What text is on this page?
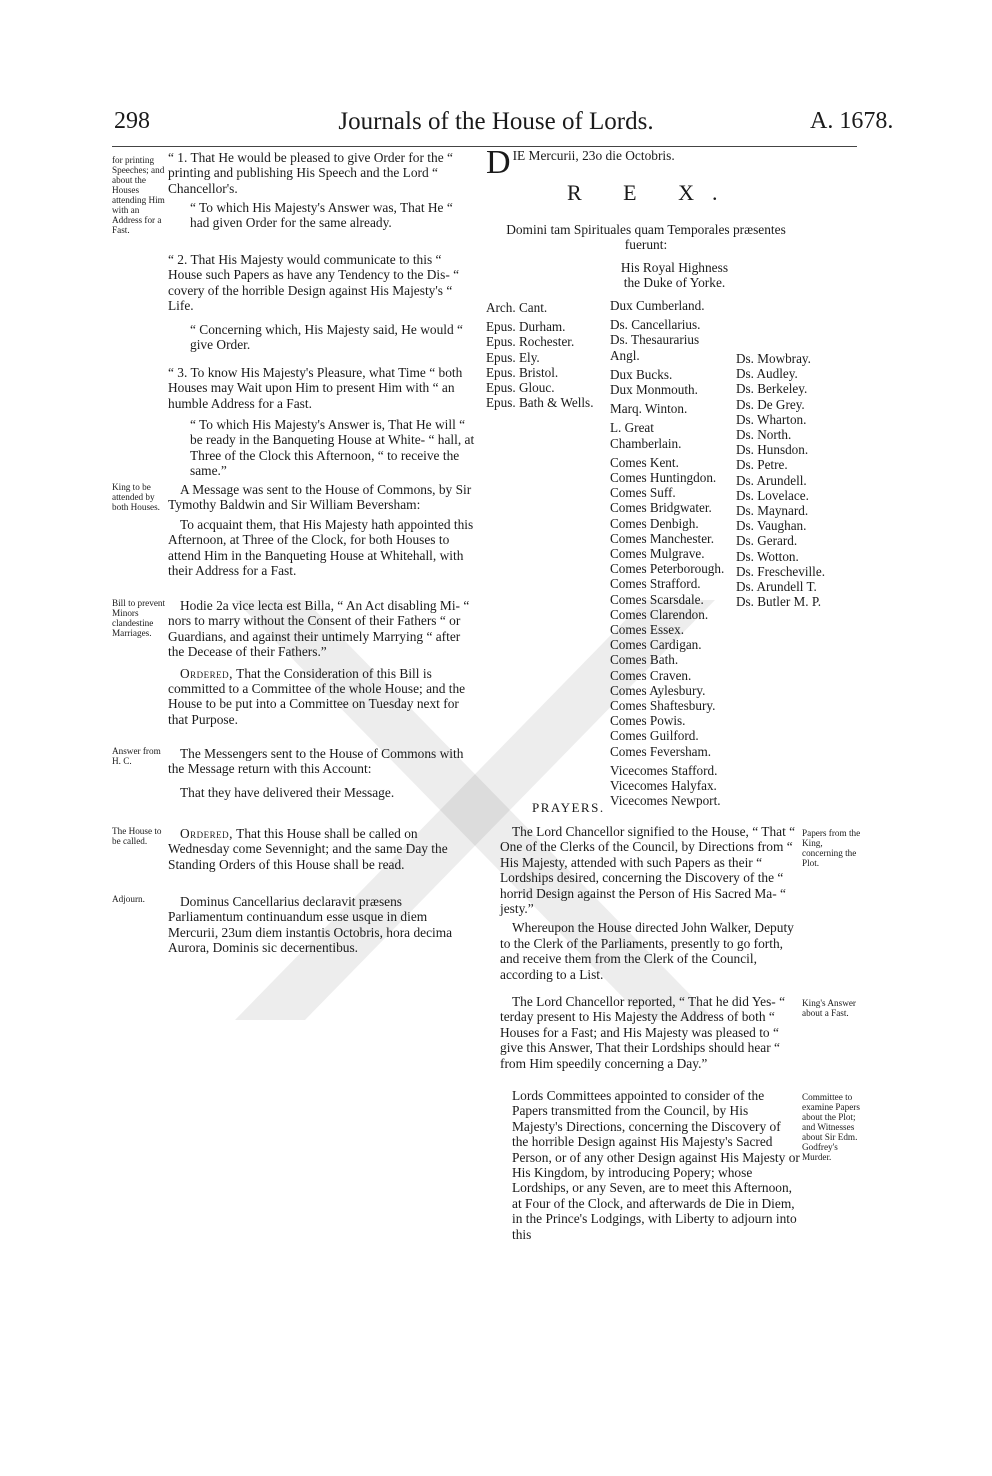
298	Journals of the House of Lords.	A. 1678.
for printing Speeches; and about the Houses attending Him with an Address for a Fast.
King to be attended by both Houses.
Bill to prevent Minors clandestine Marriages.
Answer from H. C.
The House to be called.
Adjourn.

“ 1. That He would be pleased to give Order for the “ printing and publishing His Speech and the Lord “ Chancellor's.

“ To which His Majesty's Answer was, That He “ had given Order for the same already.

“ 2. That His Majesty would communicate to this “ House such Papers as have any Tendency to the Dis- “ covery of the horrible Design against His Majesty's “ Life.

“ Concerning which, His Majesty said, He would “ give Order.

“ 3. To know His Majesty's Pleasure, what Time “ both Houses may Wait upon Him to present Him with “ an humble Address for a Fast.

“ To which His Majesty's Answer is, That He will “ be ready in the Banqueting House at White- “ hall, at Three of the Clock this Afternoon, “ to receive the same.”

A Message was sent to the House of Commons, by Sir Tymothy Baldwin and Sir William Beversham:

To acquaint them, that His Majesty hath appointed this Afternoon, at Three of the Clock, for both Houses to attend Him in the Banqueting House at Whitehall, with their Address for a Fast.

Hodie 2a vice lecta est Billa, “ An Act disabling Mi- “ nors to marry without the Consent of their Fathers “ or Guardians, and against their untimely Marrying “ after the Decease of their Fathers.”

Ordered, That the Consideration of this Bill is committed to a Committee of the whole House; and the House to be put into a Committee on Tuesday next for that Purpose.

The Messengers sent to the House of Commons with the Message return with this Account:

That they have delivered their Message.

Ordered, That this House shall be called on Wednesday come Sevennight; and the same Day the Standing Orders of this House shall be read.

Dominus Cancellarius declaravit præsens Parliamentum continuandum esse usque in diem Mercurii, 23um diem instantis Octobris, hora decima Aurora, Dominis sic decernentibus.

D IE Mercurii, 23o die Octobris.
R E X.
Domini tam Spirituales quam Temporales præsentes fuerunt:
His Royal Highness the Duke of Yorke.
Arch. Cant.
Epus. Durham.
Epus. Rochester.
Epus. Ely.
Epus. Bristol.
Epus. Glouc.
Epus. Bath & Wells.
Dux Cumberland.
Ds. Cancellarius.
Ds. Thesaurarius Angl.
Dux Bucks.
Dux Monmouth.
Marq. Winton.
L. Great Chamberlain.
Comes Kent.
Comes Huntingdon.
Comes Suff.
Comes Bridgwater.
Comes Denbigh.
Comes Manchester.
Comes Mulgrave.
Comes Peterborough.
Comes Strafford.
Comes Scarsdale.
Comes Clarendon.
Comes Essex.
Comes Cardigan.
Comes Bath.
Comes Craven.
Comes Aylesbury.
Comes Shaftesbury.
Comes Powis.
Comes Guilford.
Comes Feversham.
Vicecomes Stafford.
Vicecomes Halyfax.
Vicecomes Newport.
Ds. Mowbray.
Ds. Audley.
Ds. Berkeley.
Ds. De Grey.
Ds. Wharton.
Ds. North.
Ds. Hunsdon.
Ds. Petre.
Ds. Arundell.
Ds. Lovelace.
Ds. Maynard.
Ds. Vaughan.
Ds. Gerard.
Ds. Wotton.
Ds. Frescheville.
Ds. Arundell T.
Ds. Butler M. P.
PRAYERS.

The Lord Chancellor signified to the House, “ That “ One of the Clerks of the Council, by Directions from “ His Majesty, attended with such Papers as their “ Lordships desired, concerning the Discovery of the “ horrid Design against the Person of His Sacred Ma- “ jesty.”

Whereupon the House directed John Walker, Deputy to the Clerk of the Parliaments, presently to go forth, and receive them from the Clerk of the Council, according to a List.

The Lord Chancellor reported, “ That he did Yes- “ terday present to His Majesty the Address of both “ Houses for a Fast; and His Majesty was pleased to “ give this Answer, That their Lordships should hear “ from Him speedily concerning a Day.”

Lords Committees appointed to consider of the Papers transmitted from the Council, by His Majesty's Directions, concerning the Discovery of the horrible Design against His Majesty's Sacred Person, or of any other Design against His Majesty or His Kingdom, by introducing Popery; whose Lordships, or any Seven, are to meet this Afternoon, at Four of the Clock, and afterwards de Die in Diem, in the Prince's Lodgings, with Liberty to adjourn into this

Papers from the King, concerning the Plot.
King's Answer about a Fast.
Committee to examine Papers about the Plot; and Witnesses about Sir Edm. Godfrey's Murder.
